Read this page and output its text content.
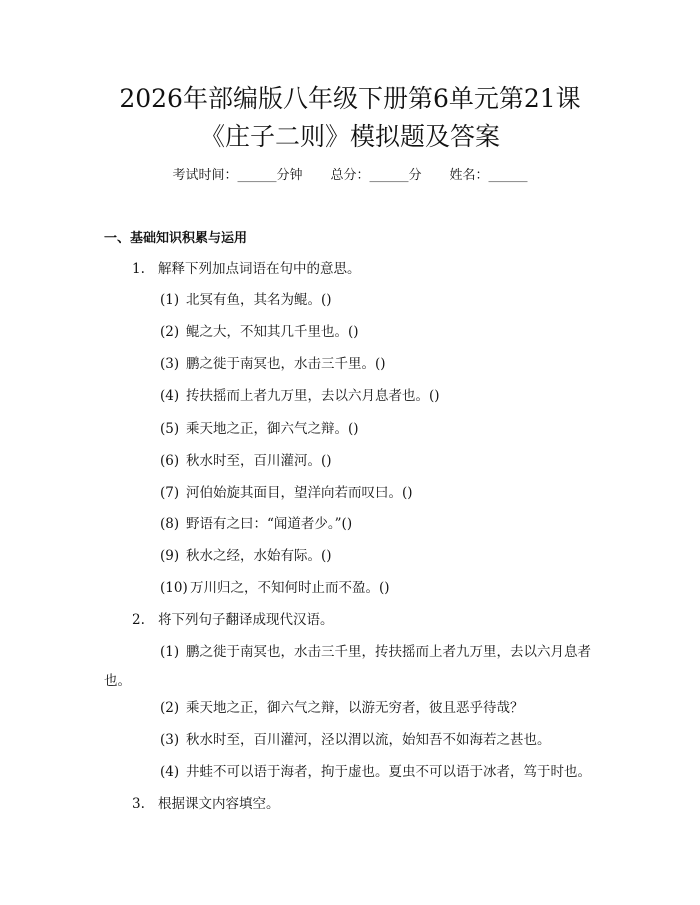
2026年部编版八年级下册第6单元第21课
《庄子二则》模拟题及答案
考试时间：______分钟 总分：______分 姓名：______
一、基础知识积累与运用
1. 解释下列加点词语在句中的意思。
(1) 北冥有鱼，其名为鲲。()
(2) 鲲之大，不知其几千里也。()
(3) 鹏之徙于南冥也，水击三千里。()
(4) 抟扶摇而上者九万里，去以六月息者也。()
(5) 乘天地之正，御六气之辩。()
(6) 秋水时至，百川灌河。()
(7) 河伯始旋其面目，望洋向若而叹曰。()
(8) 野语有之曰：“闻道者少。”()
(9) 秋水之经，水始有际。()
(10) 万川归之，不知何时止而不盈。()
2. 将下列句子翻译成现代汉语。
(1) 鹏之徙于南冥也，水击三千里，抟扶摇而上者九万里，去以六月息者也。
(2) 乘天地之正，御六气之辩，以游无穷者，彼且恶乎待哉？
(3) 秋水时至，百川灌河，泾以渭以流，始知吾不如海若之甚也。
(4) 井蛙不可以语于海者，拘于虚也。夏虫不可以语于冰者，笃于时也。
3. 根据课文内容填空。
